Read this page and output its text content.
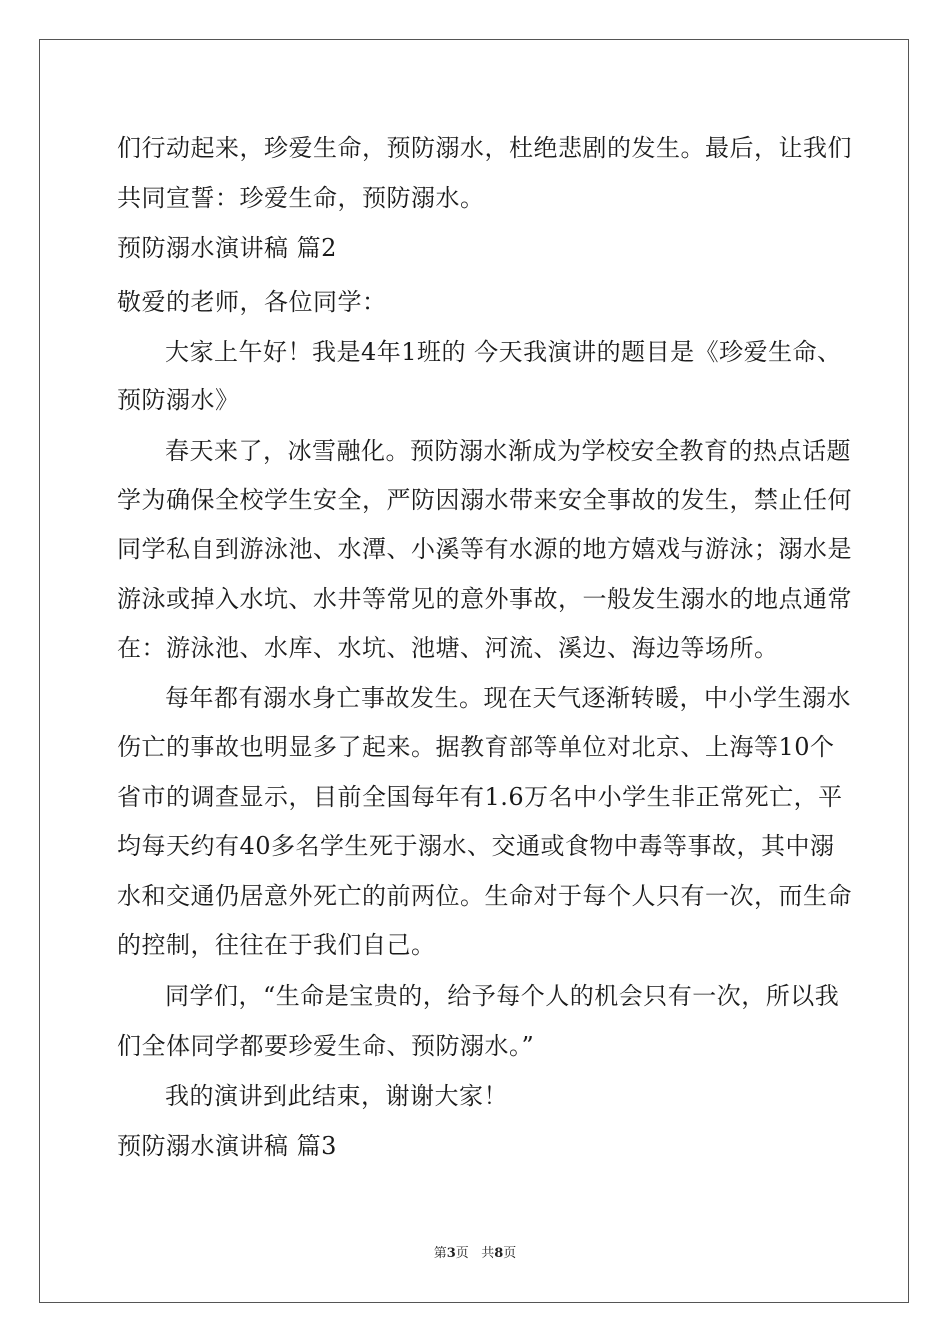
们行动起来，珍爱生命，预防溺水，杜绝悲剧的发生。最后，让我们
共同宣誓：珍爱生命，预防溺水。
预防溺水演讲稿 篇2
敬爱的老师，各位同学：
大家上午好！我是4年1班的 今天我演讲的题目是《珍爱生命、
预防溺水》
春天来了，冰雪融化。预防溺水渐成为学校安全教育的热点话题
学为确保全校学生安全，严防因溺水带来安全事故的发生，禁止任何
同学私自到游泳池、水潭、小溪等有水源的地方嬉戏与游泳；溺水是
游泳或掉入水坑、水井等常见的意外事故，一般发生溺水的地点通常
在：游泳池、水库、水坑、池塘、河流、溪边、海边等场所。
每年都有溺水身亡事故发生。现在天气逐渐转暖，中小学生溺水
伤亡的事故也明显多了起来。据教育部等单位对北京、上海等10个
省市的调查显示，目前全国每年有1.6万名中小学生非正常死亡，平
均每天约有40多名学生死于溺水、交通或食物中毒等事故，其中溺
水和交通仍居意外死亡的前两位。生命对于每个人只有一次，而生命
的控制，往往在于我们自己。
同学们，“生命是宝贵的，给予每个人的机会只有一次，所以我
们全体同学都要珍爱生命、预防溺水。”
我的演讲到此结束，谢谢大家！
预防溺水演讲稿 篇3
第3页 共8页
